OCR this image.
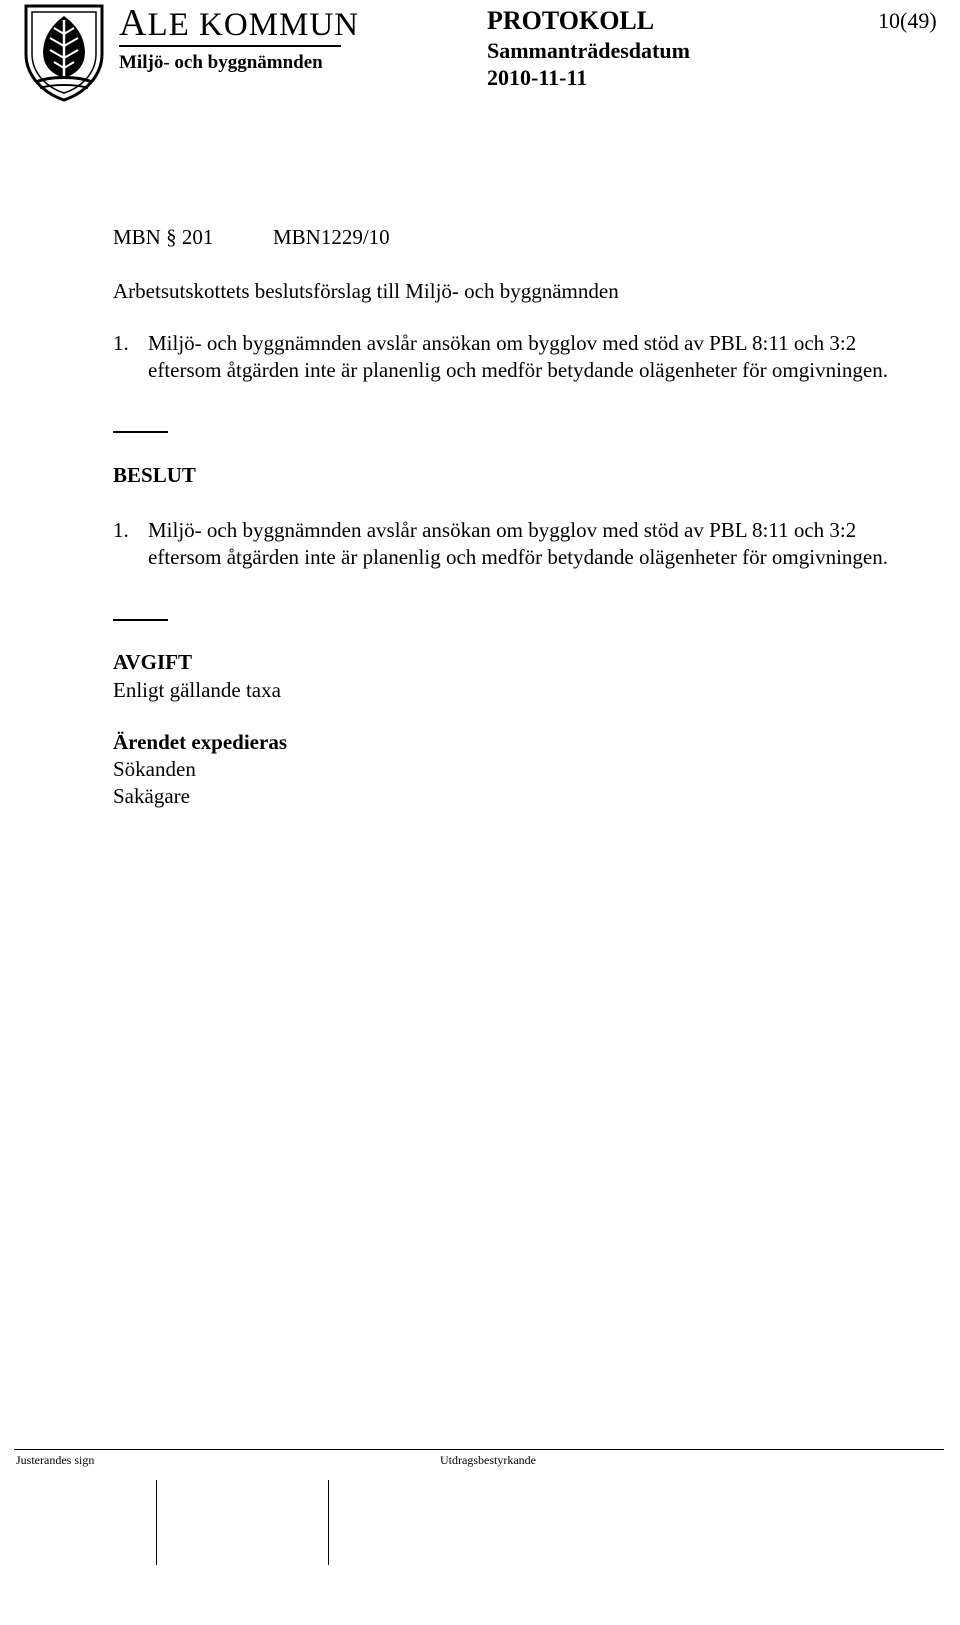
ALE KOMMUN
Miljö- och byggnämnden
PROTOKOLL	10(49)
Sammanträdesdatum
2010-11-11
MBN § 201	MBN1229/10
Arbetsutskottets beslutsförslag till Miljö- och byggnämnden
1. Miljö- och byggnämnden avslår ansökan om bygglov med stöd av PBL 8:11 och 3:2 eftersom åtgärden inte är planenlig och medför betydande olägenheter för omgivningen.
BESLUT
1. Miljö- och byggnämnden avslår ansökan om bygglov med stöd av PBL 8:11 och 3:2 eftersom åtgärden inte är planenlig och medför betydande olägenheter för omgivningen.
AVGIFT
Enligt gällande taxa
Ärendet expedieras
Sökanden
Sakägare
Justerandes sign	Utdragsbestyrkande
